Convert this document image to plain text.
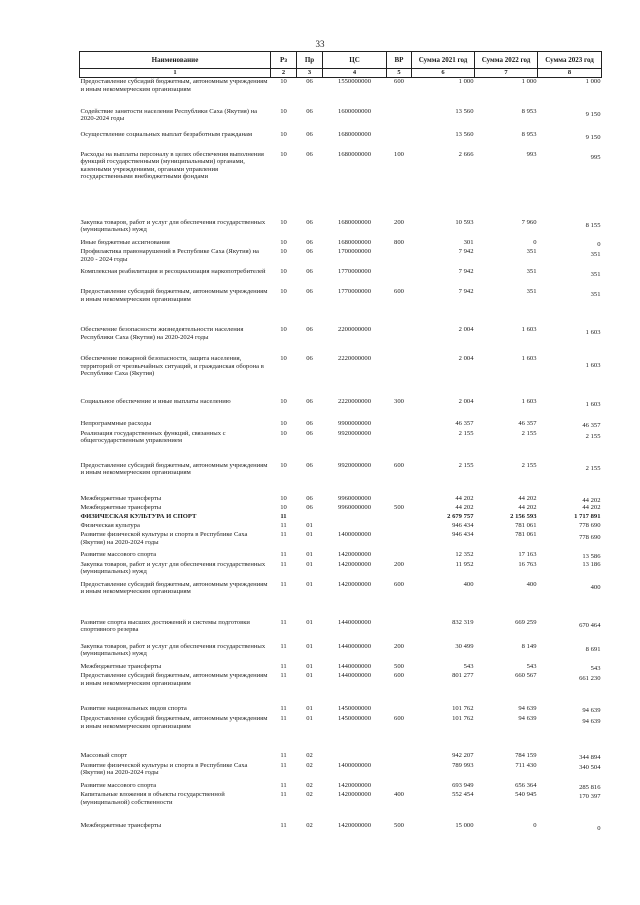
33
Наименование	Рз	Пр	ЦС	ВР	Сумма 2021 год	Сумма 2022 год	Сумма 2023 год
1	2	3	4	5	6	7	8
Предоставление субсидий бюджетным, автономным учреждениям и иным некоммерческим организациям	10	06	1550000000	600	1 000	1 000	1 000
Содействие занятости населения Республики Саха (Якутия) на 2020-2024 годы	10	06	1600000000		13 560	8 953	9 150
Осуществление социальных выплат безработным гражданам	10	06	1680000000		13 560	8 953	9 150
Расходы на выплаты персоналу в целях обеспечения выполнения функций государственными (муниципальными) органами, казенными учреждениями, органами управления государственными внебюджетными фондами	10	06	1680000000	100	2 666	993	995
Закупка товаров, работ и услуг для обеспечения государственных (муниципальных) нужд	10	06	1680000000	200	10 593	7 960	8 155
Иные бюджетные ассигнования	10	06	1680000000	800	301	0	0
Профилактика правонарушений в Республике Саха (Якутия) на 2020 - 2024 годы	10	06	1700000000		7 942	351	351
Комплексная реабилитация и ресоциализация наркопотребителей	10	06	1770000000		7 942	351	351
Предоставление субсидий бюджетным, автономным учреждениям и иным некоммерческим организациям	10	06	1770000000	600	7 942	351	351
Обеспечение безопасности жизнедеятельности населения Республики Саха (Якутия) на 2020-2024 годы	10	06	2200000000		2 004	1 603	1 603
Обеспечение пожарной безопасности, защита населения, территорий от чрезвычайных ситуаций, и гражданская оборона в Республике Саха (Якутия)	10	06	2220000000		2 004	1 603	1 603
Социальное обеспечение и иные выплаты населению	10	06	2220000000	300	2 004	1 603	1 603
Непрограммные расходы	10	06	9900000000		46 357	46 357	46 357
Реализация государственных функций, связанных с общегосударственным управлением	10	06	9920000000		2 155	2 155	2 155
Предоставление субсидий бюджетным, автономным учреждениям и иным некоммерческим организациям	10	06	9920000000	600	2 155	2 155	2 155
Межбюджетные трансферты	10	06	9960000000		44 202	44 202	44 202
Межбюджетные трансферты	10	06	9960000000	500	44 202	44 202	44 202
ФИЗИЧЕСКАЯ КУЛЬТУРА И СПОРТ	11				2 679 757	2 156 593	1 717 891
Физическая культура	11	01			946 434	781 061	778 690
Развитие физической культуры и спорта в Республике Саха (Якутия) на 2020-2024 годы	11	01	1400000000		946 434	781 061	778 690
Развитие массового спорта	11	01	1420000000		12 352	17 163	13 586
Закупка товаров, работ и услуг для обеспечения государственных (муниципальных) нужд	11	01	1420000000	200	11 952	16 763	13 186
Предоставление субсидий бюджетным, автономным учреждениям и иным некоммерческим организациям	11	01	1420000000	600	400	400	400
Развитие спорта высших достижений и системы подготовки спортивного резерва	11	01	1440000000		832 319	669 259	670 464
Закупка товаров, работ и услуг для обеспечения государственных (муниципальных) нужд	11	01	1440000000	200	30 499	8 149	8 691
Межбюджетные трансферты	11	01	1440000000	500	543	543	543
Предоставление субсидий бюджетным, автономным учреждениям и иным некоммерческим организациям	11	01	1440000000	600	801 277	660 567	661 230
Развитие национальных видов спорта	11	01	1450000000		101 762	94 639	94 639
Предоставление субсидий бюджетным, автономным учреждениям и иным некоммерческим организациям	11	01	1450000000	600	101 762	94 639	94 639
Массовый спорт	11	02			942 207	784 159	344 894
Развитие физической культуры и спорта в Республике Саха (Якутия) на 2020-2024 годы	11	02	1400000000		789 993	711 430	340 504
Развитие массового спорта	11	02	1420000000		693 949	656 364	285 816
Капитальные вложения в объекты государственной (муниципальной) собственности	11	02	1420000000	400	552 454	540 945	170 397
Межбюджетные трансферты	11	02	1420000000	500	15 000	0	0
